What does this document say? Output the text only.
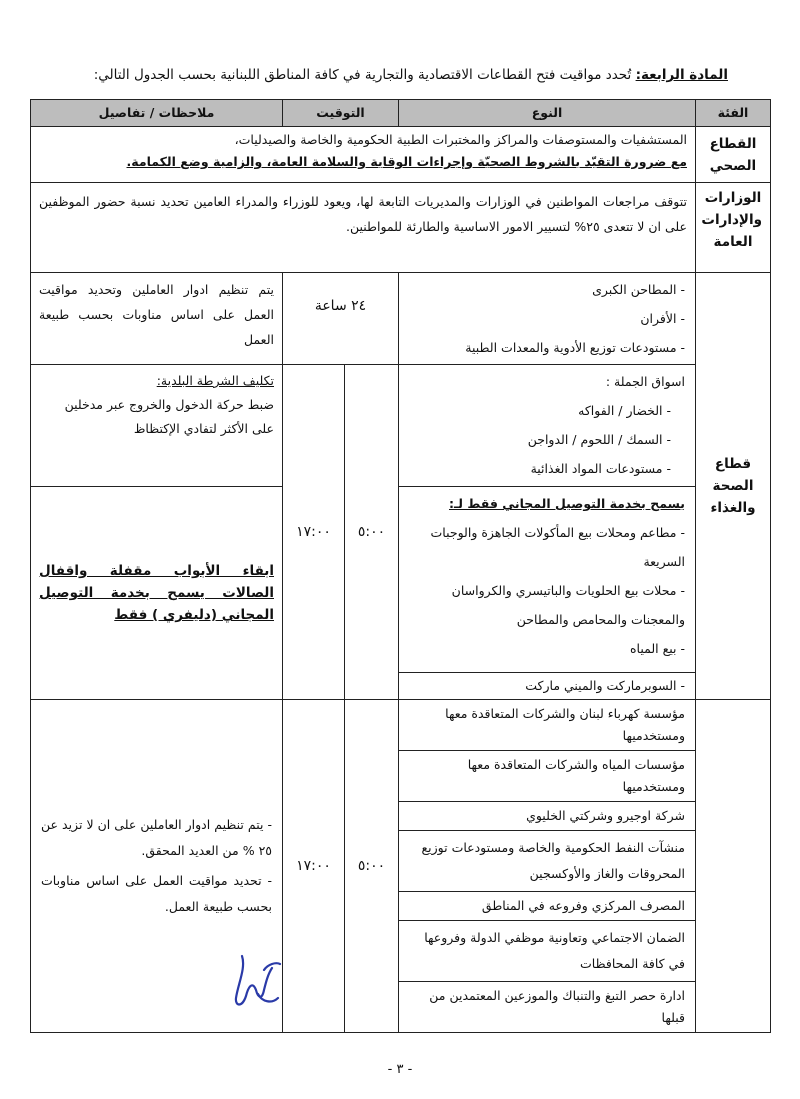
المادة الرابعة: تُحدد مواقيت فتح القطاعات الاقتصادية والتجارية في كافة المناطق اللبنانية بحسب الجدول التالي:
الفئة	النوع	التوقيت		ملاحظات / تفاصيل
القطاع الصحي	المستشفيات والمستوصفات والمراكز والمختبرات الطبية الحكومية والخاصة والصيدليات،
مع ضرورة التقيّد بالشروط الصحيّة وإجراءات الوقاية والسلامة العامة، والزامية وضع الكمامة.			

الوزارات والإدارات العامة	تتوقف مراجعات المواطنين في الوزارات والمديريات التابعة لها، ويعود للوزراء والمدراء العامين تحديد نسبة حضور الموظفين على ان لا تتعدى ٢٥% لتسيير الامور الاساسية والطارئة للمواطنين.			
قطاع الصحة والغذاء	- المطاحن الكبرى
- الأفران
- مستودعات توزيع الأدوية والمعدات الطبية	٢٤ ساعة		يتم تنظيم ادوار العاملين وتحديد مواقيت العمل على اساس مناوبات بحسب طبيعة العمل

	اسواق الجملة :
- الخضار / الفواكه
- السمك / اللحوم / الدواجن
- مستودعات المواد الغذائية	٥:٠٠	١٧:٠٠	تكليف الشرطة البلدية:
ضبط حركة الدخول والخروج عبر مدخلين على الأكثر لتفادي الإكتظاظ

	يسمح بخدمة التوصيل المجاني فقط لـ:
- مطاعم ومحلات بيع المأكولات الجاهزة والوجبات السريعة
- محلات بيع الحلويات والباتيسري والكرواسان والمعجنات والمحامص والمطاحن
- بيع المياه			ابقاء الأبواب مقفلة واقفال الصالات يسمح بخدمة التوصيل المجاني (دليفري ) فقط

	- السوبرماركت والميني ماركت

	مؤسسة كهرباء لبنان والشركات المتعاقدة معها ومستخدميها	٥:٠٠	١٧:٠٠	- يتم تنظيم ادوار العاملين على ان لا تزيد عن ٢٥ % من العديد المحقق.
- تحديد مواقيت العمل على اساس مناوبات بحسب طبيعة العمل.

	مؤسسات المياه والشركات المتعاقدة معها ومستخدميها			
	شركة اوجيرو وشركتي الخليوي			
	منشآت النفط الحكومية والخاصة ومستودعات توزيع المحروقات والغاز والأوكسجين			
	المصرف المركزي وفروعه في المناطق			
	الضمان الاجتماعي وتعاونية موظفي الدولة وفروعها في كافة المحافظات			
	ادارة حصر التبغ والتنباك والموزعين المعتمدين من قبلها			
- ٣ -
